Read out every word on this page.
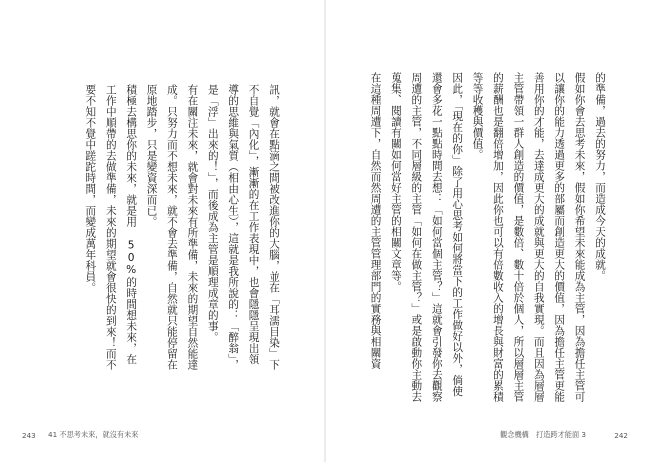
訊，就會在點滴之間被改進你的大腦，並在「耳濡目染」下不自覺「內化」，漸漸的在工作表現中，也會隱隱呈現出領導的思維與氣質（相由心生），這就是我所說的：「醉翁」，是「浮」出來的！」，而後成為主管是順理成章的事。
有在關注未來，就會對未來有所準備，未來的期望自然能達成。只努力而不想未來，就不會去準備，自然就只能停留在原地踏步，只是變資深而已。
積極去構思你的未來，就是用 50%的時間想未來，在工作中順帶的去做準備，未來的期望就會很快的到來！而不要不知不覺中蹉跎時間，而變成萬年科員。
243 41 不思考未來，就沒有未來
的準備，過去的努力，而造成今天的成就。
假如你會去思考未來，假如你希望未來能成為主管，因為擔任主管可以讓你的能力透過更多的部屬而創造更大的價值，因為擔任主管更能善用你的才能，去達成更大的成就與更大的自我實現。而且因為層層主管帶領一群人創造的價值，是數倍、數十倍於個人，所以層層主管的薪酬也是翻倍增加，因此你也可以有倍數收入的增長與財富的累積等等收穫與價值。
因此，「現在的你」除了用心思考如何將當下的工作做好以外，倘使還會多花一點點時間去想：「如何當個主管？」這就會引發你去觀察周遭的主管，不同層級的主管「如何在做主管？」或是啟動你主動去蒐集、閱讀有關如何當好主管的相關文章等。
在這種周遭下，自然而然周遭的主管管理部門的實務與相關資
觀念機構　打造跨才能面 3	242
